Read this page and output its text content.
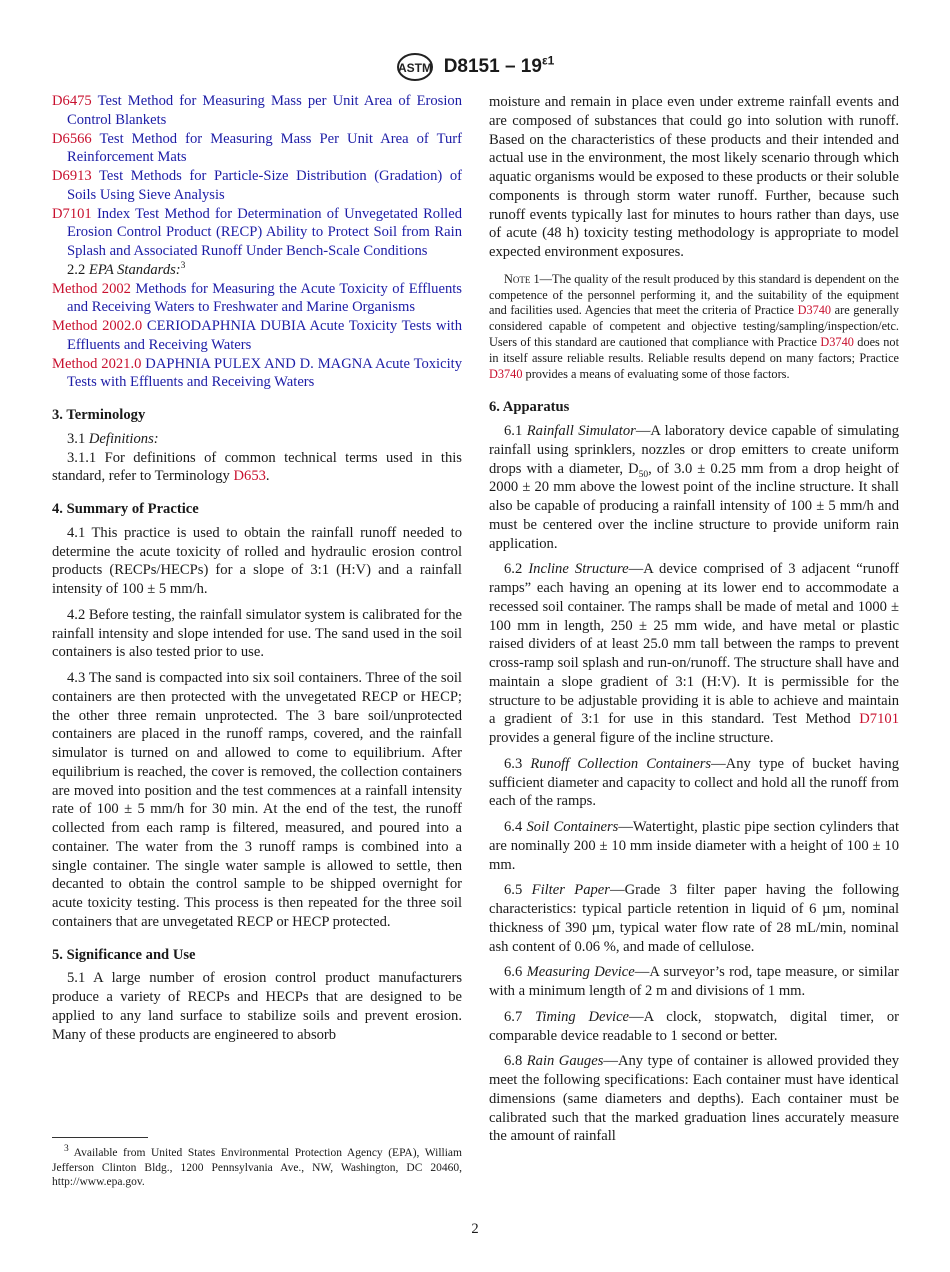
ASTM $D8151 - 19^{\varepsilon 1}$

D6475 Test Method for Measuring Mass per Unit Area of Erosion Control Blankets

D6566 Test Method for Measuring Mass Per Unit Area of Turf Reinforcement Mats

D6913 Test Methods for Particle-Size Distribution (Gradation) of Soils Using Sieve Analysis

D7101 Index Test Method for Determination of Unvegetated Rolled Erosion Control Product (RECP) Ability to Protect Soil from Rain Splash and Associated Runoff Under Bench-Scale Conditions

2.2 EPA Standards:$^3$

Method 2002 Methods for Measuring the Acute Toxicity of Effluents and Receiving Waters to Freshwater and Marine Organisms

Method 2002.0 CERIODAPHNIA DUBIA Acute Toxicity Tests with Effluents and Receiving Waters

Method 2021.0 DAPHNIA PULEX AND D. MAGNA Acute Toxicity Tests with Effluents and Receiving Waters

3. Terminology

3.1 Definitions:

3.1.1 For definitions of common technical terms used in this standard, refer to Terminology D653.

4. Summary of Practice

4.1 This practice is used to obtain the rainfall runoff needed to determine the acute toxicity of rolled and hydraulic erosion control products (RECPs/HECPs) for a slope of 3:1 (H:V) and a rainfall intensity of 100 ± 5 mm/h.

4.2 Before testing, the rainfall simulator system is calibrated for the rainfall intensity and slope intended for use. The sand used in the soil containers is also tested prior to use.

4.3 The sand is compacted into six soil containers. Three of the soil containers are then protected with the unvegetated RECP or HECP; the other three remain unprotected. The 3 bare soil/unprotected containers are placed in the runoff ramps, covered, and the rainfall simulator is turned on and allowed to come to equilibrium. After equilibrium is reached, the cover is removed, the collection containers are moved into position and the test commences at a rainfall intensity rate of 100 ± 5 mm/h for 30 min. At the end of the test, the runoff collected from each ramp is filtered, measured, and poured into a container. The water from the 3 runoff ramps is combined into a single container. The single water sample is allowed to settle, then decanted to obtain the control sample to be shipped overnight for acute toxicity testing. This process is then repeated for the three soil containers that are unvegetated RECP or HECP protected.

5. Significance and Use

5.1 A large number of erosion control product manufacturers produce a variety of RECPs and HECPs that are designed to be applied to any land surface to stabilize soils and prevent erosion. Many of these products are engineered to absorb

moisture and remain in place even under extreme rainfall events and are composed of substances that could go into solution with runoff. Based on the characteristics of these products and their intended and actual use in the environment, the most likely scenario through which aquatic organisms would be exposed to these products or their soluble components is through storm water runoff. Further, because such runoff events typically last for minutes to hours rather than days, use of acute (48 h) toxicity testing methodology is appropriate to model expected environment exposures.

Note 1—The quality of the result produced by this standard is dependent on the competence of the personnel performing it, and the suitability of the equipment and facilities used. Agencies that meet the criteria of Practice D3740 are generally considered capable of competent and objective testing/sampling/inspection/etc. Users of this standard are cautioned that compliance with Practice D3740 does not in itself assure reliable results. Reliable results depend on many factors; Practice D3740 provides a means of evaluating some of those factors.

6. Apparatus

6.1 Rainfall Simulator—A laboratory device capable of simulating rainfall using sprinklers, nozzles or drop emitters to create uniform drops with a diameter, $D_{50}$, of 3.0 ± 0.25 mm from a drop height of 2000 ± 20 mm above the lowest point of the incline structure. It shall also be capable of producing a rainfall intensity of 100 ± 5 mm/h and must be centered over the incline structure to provide uniform rain application.

6.2 Incline Structure—A device comprised of 3 adjacent “runoff ramps” each having an opening at its lower end to accommodate a recessed soil container. The ramps shall be made of metal and 1000 ± 100 mm in length, 250 ± 25 mm wide, and have metal or plastic raised dividers of at least 25.0 mm tall between the ramps to prevent cross-ramp soil splash and run-on/runoff. The structure shall have and maintain a slope gradient of 3:1 (H:V). It is permissible for the structure to be adjustable providing it is able to achieve and maintain a gradient of 3:1 for use in this standard. Test Method D7101 provides a general figure of the incline structure.

6.3 Runoff Collection Containers—Any type of bucket having sufficient diameter and capacity to collect and hold all the runoff from each of the ramps.

6.4 Soil Containers—Watertight, plastic pipe section cylinders that are nominally 200 ± 10 mm inside diameter with a height of 100 ± 10 mm.

6.5 Filter Paper—Grade 3 filter paper having the following characteristics: typical particle retention in liquid of 6 µm, nominal thickness of 390 µm, typical water flow rate of 28 mL/min, nominal ash content of 0.06 %, and made of cellulose.

6.6 Measuring Device—A surveyor’s rod, tape measure, or similar with a minimum length of 2 m and divisions of 1 mm.

6.7 Timing Device—A clock, stopwatch, digital timer, or comparable device readable to 1 second or better.

6.8 Rain Gauges—Any type of container is allowed provided they meet the following specifications: Each container must have identical dimensions (same diameters and depths). Each container must be calibrated such that the marked graduation lines accurately measure the amount of rainfall

$^3$ Available from United States Environmental Protection Agency (EPA), William Jefferson Clinton Bldg., 1200 Pennsylvania Ave., NW, Washington, DC 20460, http://www.epa.gov.
2
